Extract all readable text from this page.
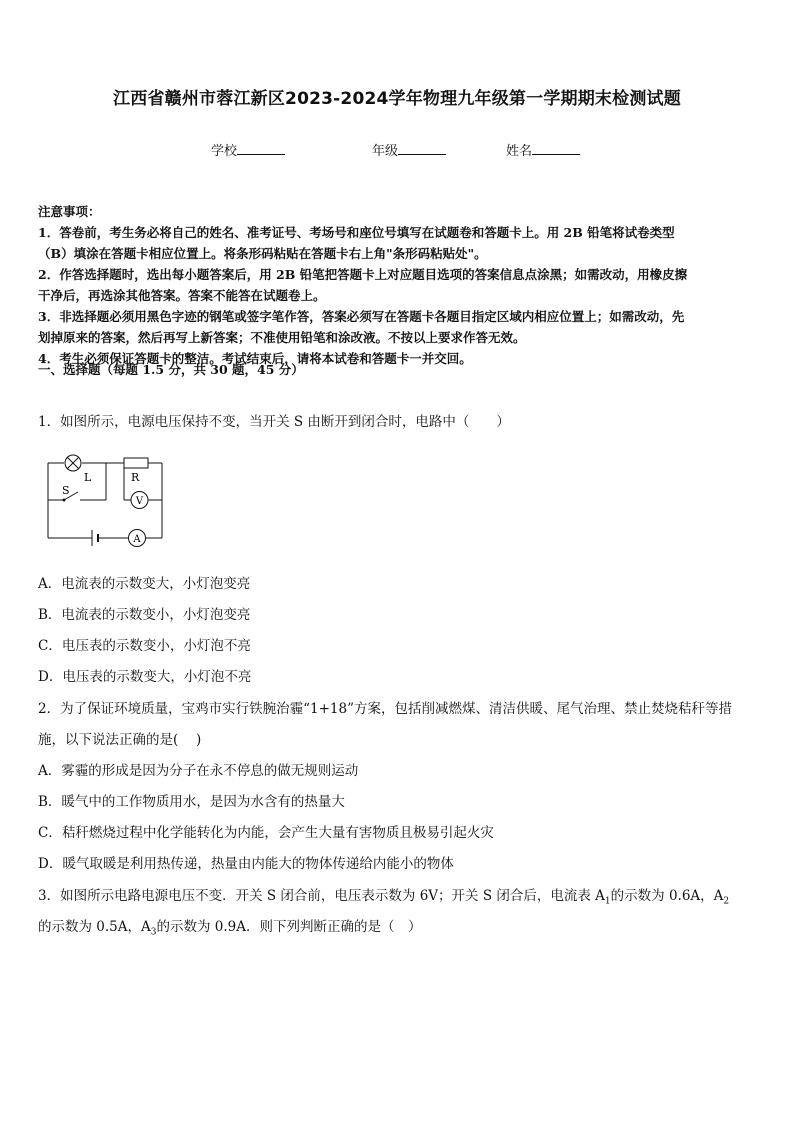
江西省赣州市蓉江新区2023-2024学年物理九年级第一学期期末检测试题
学校	年级	姓名
注意事项：
1．答卷前，考生务必将自己的姓名、准考证号、考场号和座位号填写在试题卷和答题卡上。用 2B 铅笔将试卷类型
（B）填涂在答题卡相应位置上。将条形码粘贴在答题卡右上角"条形码粘贴处"。
2．作答选择题时，选出每小题答案后，用 2B 铅笔把答题卡上对应题目选项的答案信息点涂黑；如需改动，用橡皮擦
干净后，再选涂其他答案。答案不能答在试题卷上。
3．非选择题必须用黑色字迹的钢笔或签字笔作答，答案必须写在答题卡各题目指定区域内相应位置上；如需改动，先
划掉原来的答案，然后再写上新答案；不准使用铅笔和涂改液。不按以上要求作答无效。
4．考生必须保证答题卡的整洁。考试结束后，请将本试卷和答题卡一并交回。
一、选择题（每题 1.5 分，共 30 题，45 分）
1．如图所示，电源电压保持不变，当开关 S 由断开到闭合时，电路中（　　）
L	R
S
V
A
A．电流表的示数变大，小灯泡变亮
B．电流表的示数变小，小灯泡变亮
C．电压表的示数变小，小灯泡不亮
D．电压表的示数变大，小灯泡不亮
2．为了保证环境质量，宝鸡市实行铁腕治霾“1+18”方案，包括削减燃煤、清洁供暖、尾气治理、禁止焚烧秸秆等措
施，以下说法正确的是(　 )
A．雾霾的形成是因为分子在永不停息的做无规则运动
B．暖气中的工作物质用水，是因为水含有的热量大
C．秸秆燃烧过程中化学能转化为内能，会产生大量有害物质且极易引起火灾
D．暖气取暖是利用热传递，热量由内能大的物体传递给内能小的物体
3．如图所示电路电源电压不变．开关 S 闭合前，电压表示数为 6V；开关 S 闭合后，电流表 $A_1$的示数为 0.6A，$A_2$
的示数为 0.5A，$A_3$的示数为 0.9A．则下列判断正确的是（　）
